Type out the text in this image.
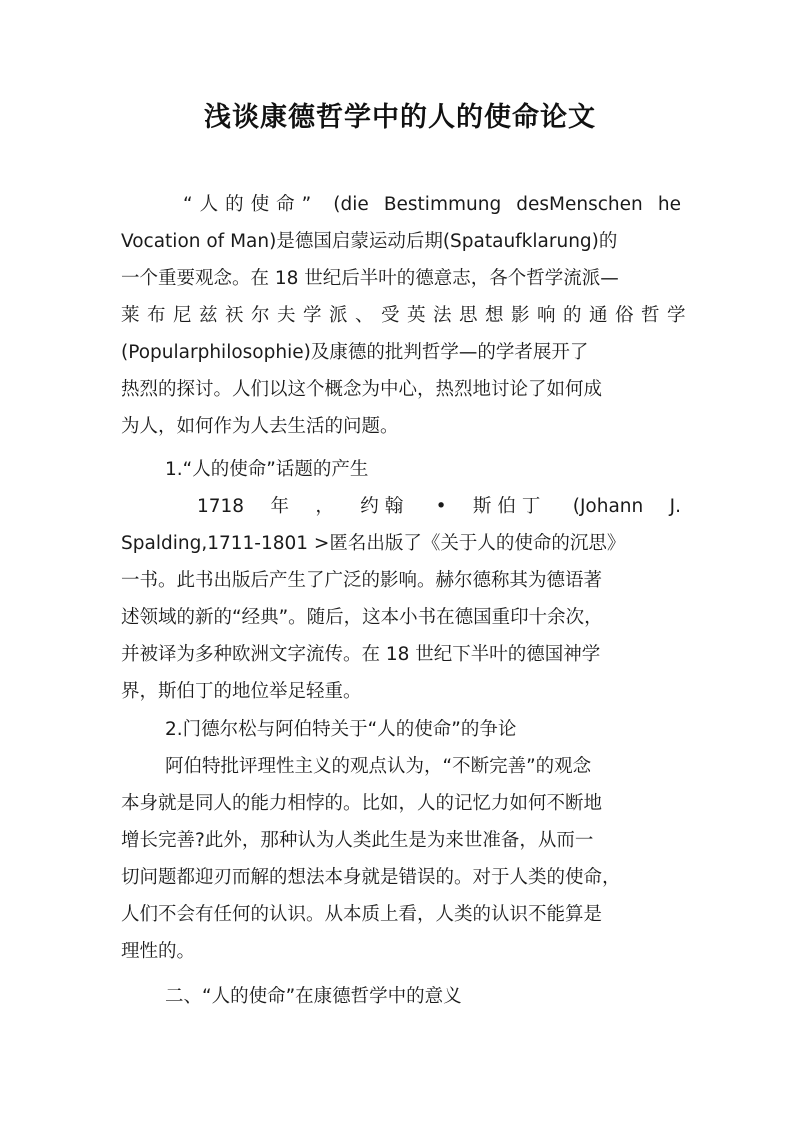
浅谈康德哲学中的人的使命论文
“人的使命” (die Bestimmung desMenschen he
Vocation of Man)是德国启蒙运动后期(Spataufklarung)的
一个重要观念。在 18 世纪后半叶的德意志，各个哲学流派—
莱布尼兹祆尔夫学派、受英法思想影响的通俗哲学
(Popularphilosophie)及康德的批判哲学—的学者展开了
热烈的探讨。人们以这个概念为中心，热烈地讨论了如何成
为人，如何作为人去生活的问题。
1.“人的使命”话题的产生
1718 年 ， 约翰 • 斯伯丁 (Johann J.
Spalding,1711-1801 >匿名出版了《关于人的使命的沉思》
一书。此书出版后产生了广泛的影响。赫尔德称其为德语著
述领域的新的“经典”。随后，这本小书在德国重印十余次，
并被译为多种欧洲文字流传。在 18 世纪下半叶的德国神学
界，斯伯丁的地位举足轻重。
2.门德尔松与阿伯特关于“人的使命”的争论
阿伯特批评理性主义的观点认为，“不断完善”的观念
本身就是同人的能力相悖的。比如，人的记忆力如何不断地
增长完善?此外，那种认为人类此生是为来世准备，从而一
切问题都迎刃而解的想法本身就是错误的。对于人类的使命，
人们不会有任何的认识。从本质上看，人类的认识不能算是
理性的。
二、“人的使命”在康德哲学中的意义
